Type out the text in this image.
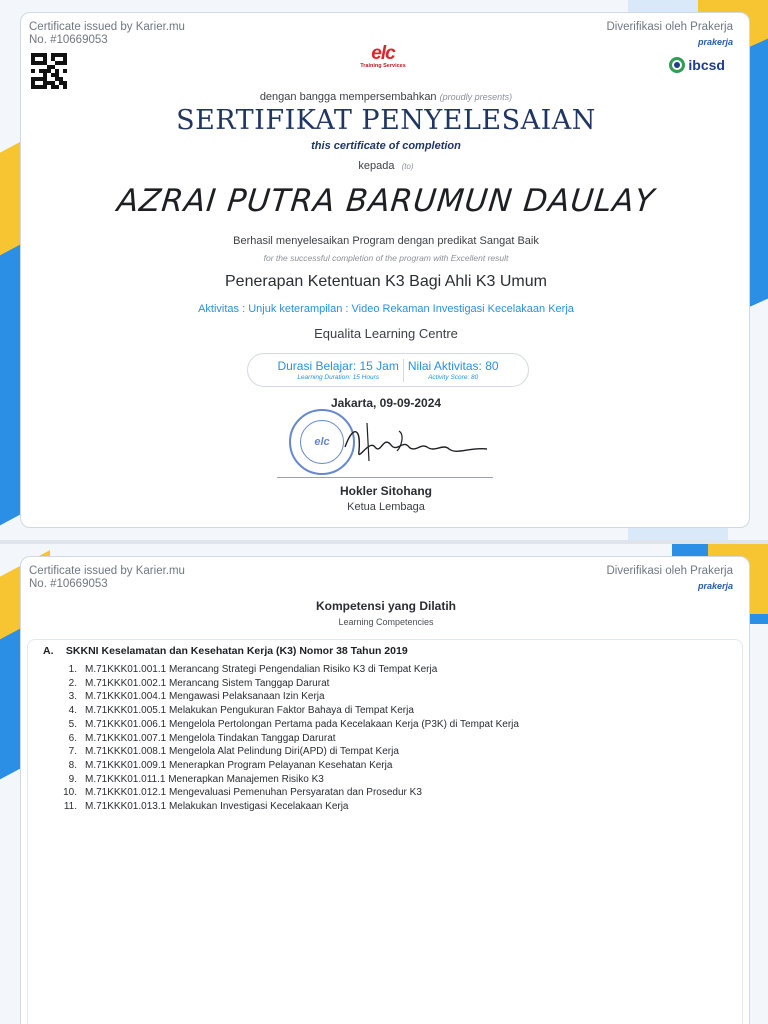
Certificate issued by Karier.mu
No. #10669053
Diverifikasi oleh Prakerja
prakerja
ibcsd
elc
Training Services
dengan bangga mempersembahkan (proudly presents)
SERTIFIKAT PENYELESAIAN
this certificate of completion
kepada (to)
AZRAI PUTRA BARUMUN DAULAY
Berhasil menyelesaikan Program dengan predikat Sangat Baik
for the successful completion of the program with Excellent result
Penerapan Ketentuan K3 Bagi Ahli K3 Umum
Aktivitas : Unjuk keterampilan : Video Rekaman Investigasi Kecelakaan Kerja
Equalita Learning Centre
Durasi Belajar: 15 Jam
Learning Duration: 15 Hours
Nilai Aktivitas: 80
Activity Score: 80
Jakarta, 09-09-2024
elc
Hokler Sitohang
Ketua Lembaga
Certificate issued by Karier.mu
No. #10669053
Diverifikasi oleh Prakerja
prakerja
Kompetensi yang Dilatih
Learning Competencies
A. SKKNI Keselamatan dan Kesehatan Kerja (K3) Nomor 38 Tahun 2019
1. M.71KKK01.001.1 Merancang Strategi Pengendalian Risiko K3 di Tempat Kerja
2. M.71KKK01.002.1 Merancang Sistem Tanggap Darurat
3. M.71KKK01.004.1 Mengawasi Pelaksanaan Izin Kerja
4. M.71KKK01.005.1 Melakukan Pengukuran Faktor Bahaya di Tempat Kerja
5. M.71KKK01.006.1 Mengelola Pertolongan Pertama pada Kecelakaan Kerja (P3K) di Tempat Kerja
6. M.71KKK01.007.1 Mengelola Tindakan Tanggap Darurat
7. M.71KKK01.008.1 Mengelola Alat Pelindung Diri(APD) di Tempat Kerja
8. M.71KKK01.009.1 Menerapkan Program Pelayanan Kesehatan Kerja
9. M.71KKK01.011.1 Menerapkan Manajemen Risiko K3
10. M.71KKK01.012.1 Mengevaluasi Pemenuhan Persyaratan dan Prosedur K3
11. M.71KKK01.013.1 Melakukan Investigasi Kecelakaan Kerja
